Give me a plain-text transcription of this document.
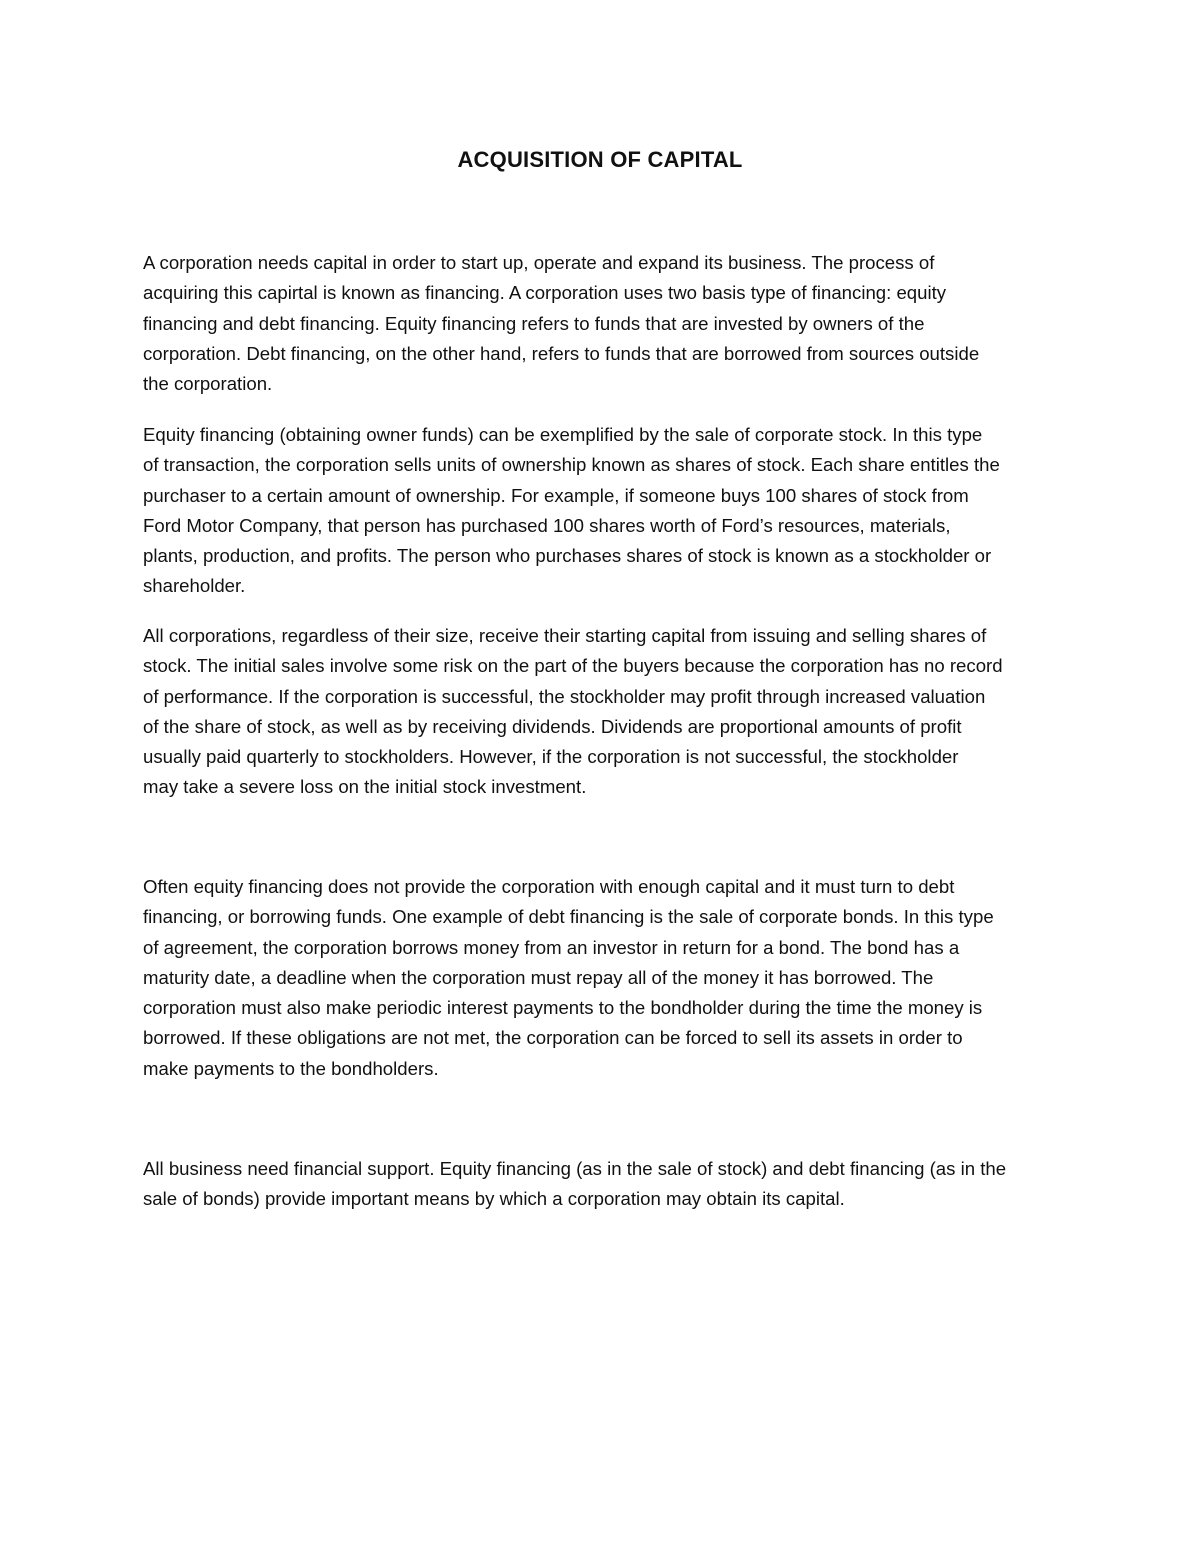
ACQUISITION OF CAPITAL

A corporation needs capital in order to start up, operate and expand its business. The process of
acquiring this capirtal is known as financing. A corporation uses two basis type of financing: equity
financing and debt financing. Equity financing refers to funds that are invested by owners of the
corporation. Debt financing, on the other hand, refers to funds that are borrowed from sources outside
the corporation.

Equity financing (obtaining owner funds) can be exemplified by the sale of corporate stock. In this type
of transaction, the corporation sells units of ownership known as shares of stock. Each share entitles the
purchaser to a certain amount of ownership. For example, if someone buys 100 shares of stock from
Ford Motor Company, that person has purchased 100 shares worth of Ford’s resources, materials,
plants, production, and profits. The person who purchases shares of stock is known as a stockholder or
shareholder.

All corporations, regardless of their size, receive their starting capital from issuing and selling shares of
stock. The initial sales involve some risk on the part of the buyers because the corporation has no record
of performance. If the corporation is successful, the stockholder may profit through increased valuation
of the share of stock, as well as by receiving dividends. Dividends are proportional amounts of profit
usually paid quarterly to stockholders. However, if the corporation is not successful, the stockholder
may take a severe loss on the initial stock investment.

Often equity financing does not provide the corporation with enough capital and it must turn to debt
financing, or borrowing funds. One example of debt financing is the sale of corporate bonds. In this type
of agreement, the corporation borrows money from an investor in return for a bond. The bond has a
maturity date, a deadline when the corporation must repay all of the money it has borrowed. The
corporation must also make periodic interest payments to the bondholder during the time the money is
borrowed. If these obligations are not met, the corporation can be forced to sell its assets in order to
make payments to the bondholders.

All business need financial support. Equity financing (as in the sale of stock) and debt financing (as in the
sale of bonds) provide important means by which a corporation may obtain its capital.
